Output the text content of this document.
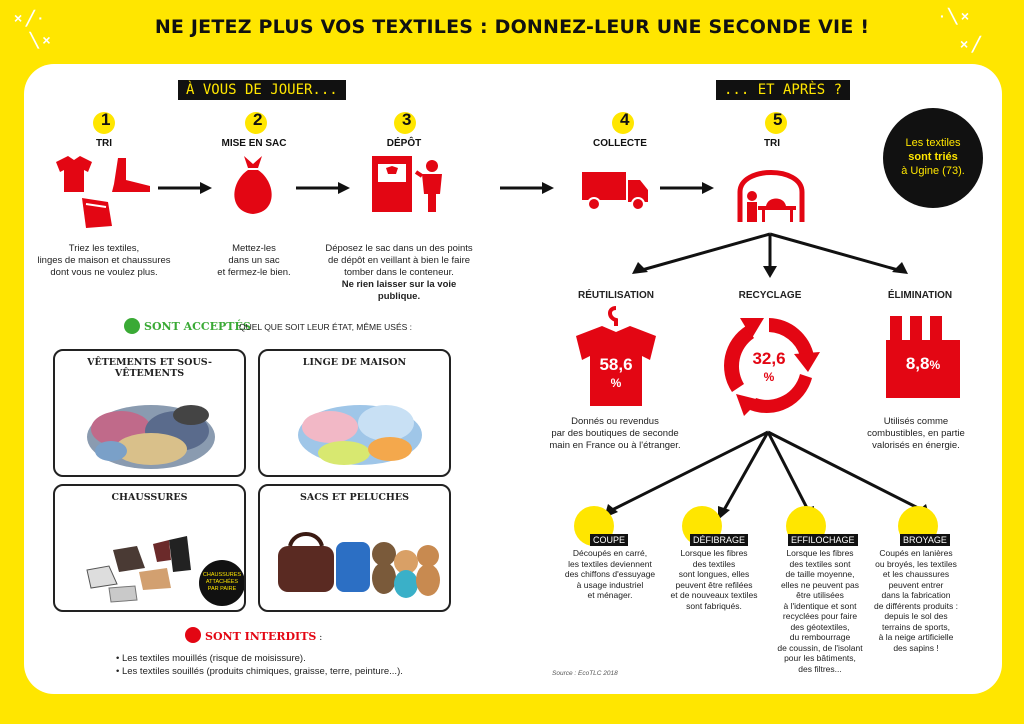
× ╱ ·
╲ ×
· ╲ ×
× ╱
NE JETEZ PLUS VOS TEXTILES : DONNEZ-LEUR UNE SECONDE VIE !
À VOUS DE JOUER...	... ET APRÈS ?
1
TRI
Triez les textiles,
linges de maison et chaussures
dont vous ne voulez plus.
2
MISE EN SAC
Mettez-les
dans un sac
et fermez-le bien.
3
DÉPÔT
Déposez le sac dans un des points
de dépôt en veillant à bien le faire
tomber dans le conteneur.
Ne rien laisser sur la voie
publique.
SONT ACCEPTÉS
QUEL QUE SOIT LEUR ÉTAT, MÊME USÉS :
VÊTEMENTS ET SOUS-VÊTEMENTS
LINGE DE MAISON
CHAUSSURES
CHAUSSURES
ATTACHÉES
PAR PAIRE
SACS ET PELUCHES
SONT INTERDITS :
• Les textiles mouillés (risque de moisissure).
• Les textiles souillés (produits chimiques, graisse, terre, peinture...).
4
COLLECTE
5
TRI	Les textiles
sont triés
à Ugine (73).
RÉUTILISATION	RECYCLAGE	ÉLIMINATION
58,6
%
32,6
%
8,8%
Donnés ou revendus
par des boutiques de seconde
main en France ou à l'étranger.
Utilisés comme
combustibles, en partie
valorisés en énergie.
COUPE
Découpés en carré,
les textiles deviennent
des chiffons d'essuyage
à usage industriel
et ménager.
DÉFIBRAGE
Lorsque les fibres
des textiles
sont longues, elles
peuvent être refilées
et de nouveaux textiles
sont fabriqués.
EFFILOCHAGE
Lorsque les fibres
des textiles sont
de taille moyenne,
elles ne peuvent pas
être utilisées
à l'identique et sont
recyclées pour faire
des géotextiles,
du rembourrage
de coussin, de l'isolant
pour les bâtiments,
des filtres...
BROYAGE
Coupés en lanières
ou broyés, les textiles
et les chaussures
peuvent entrer
dans la fabrication
de différents produits :
depuis le sol des
terrains de sports,
à la neige artificielle
des sapins !
Source : EcoTLC 2018
